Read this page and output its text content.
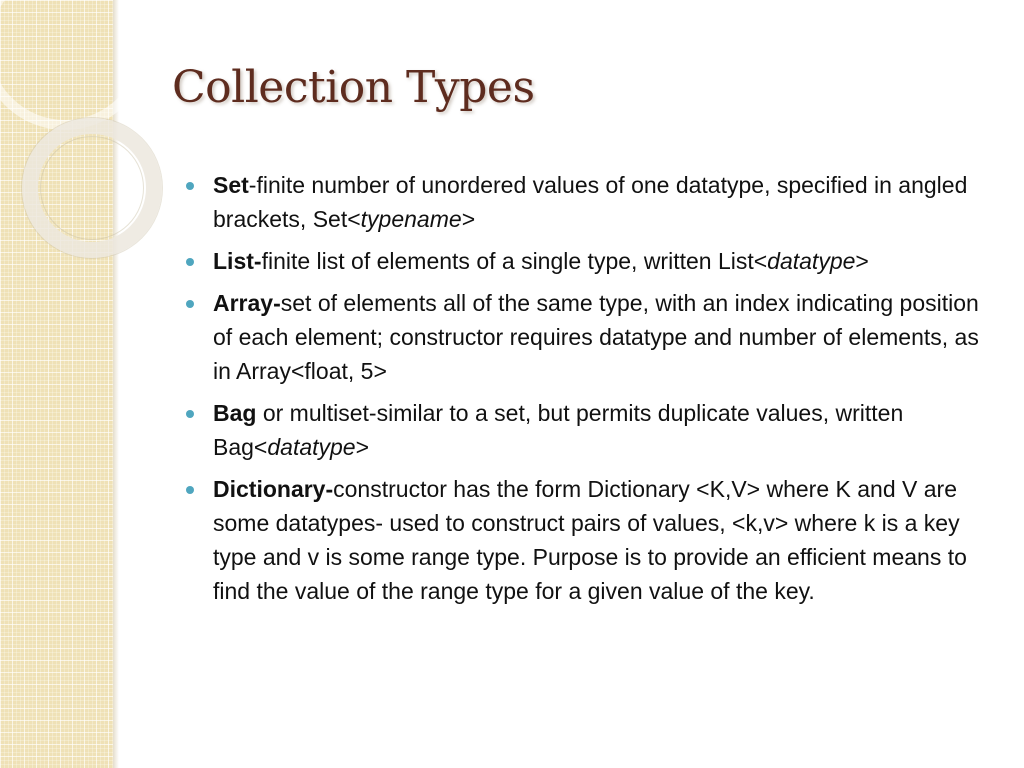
Collection Types
Set-finite number of unordered values of one datatype, specified in angled brackets, Set<typename>
List-finite list of elements of a single type, written List<datatype>
Array-set of elements all of the same type, with an index indicating position of each element; constructor requires datatype and number of elements, as in Array<float, 5>
Bag or multiset-similar to a set, but permits duplicate values, written Bag<datatype>
Dictionary-constructor has the form Dictionary <K,V> where K and V are some datatypes- used to construct pairs of values, <k,v> where k is a key type and v is some range type. Purpose is to provide an efficient means to find the value of the range type for a given value of the key.
